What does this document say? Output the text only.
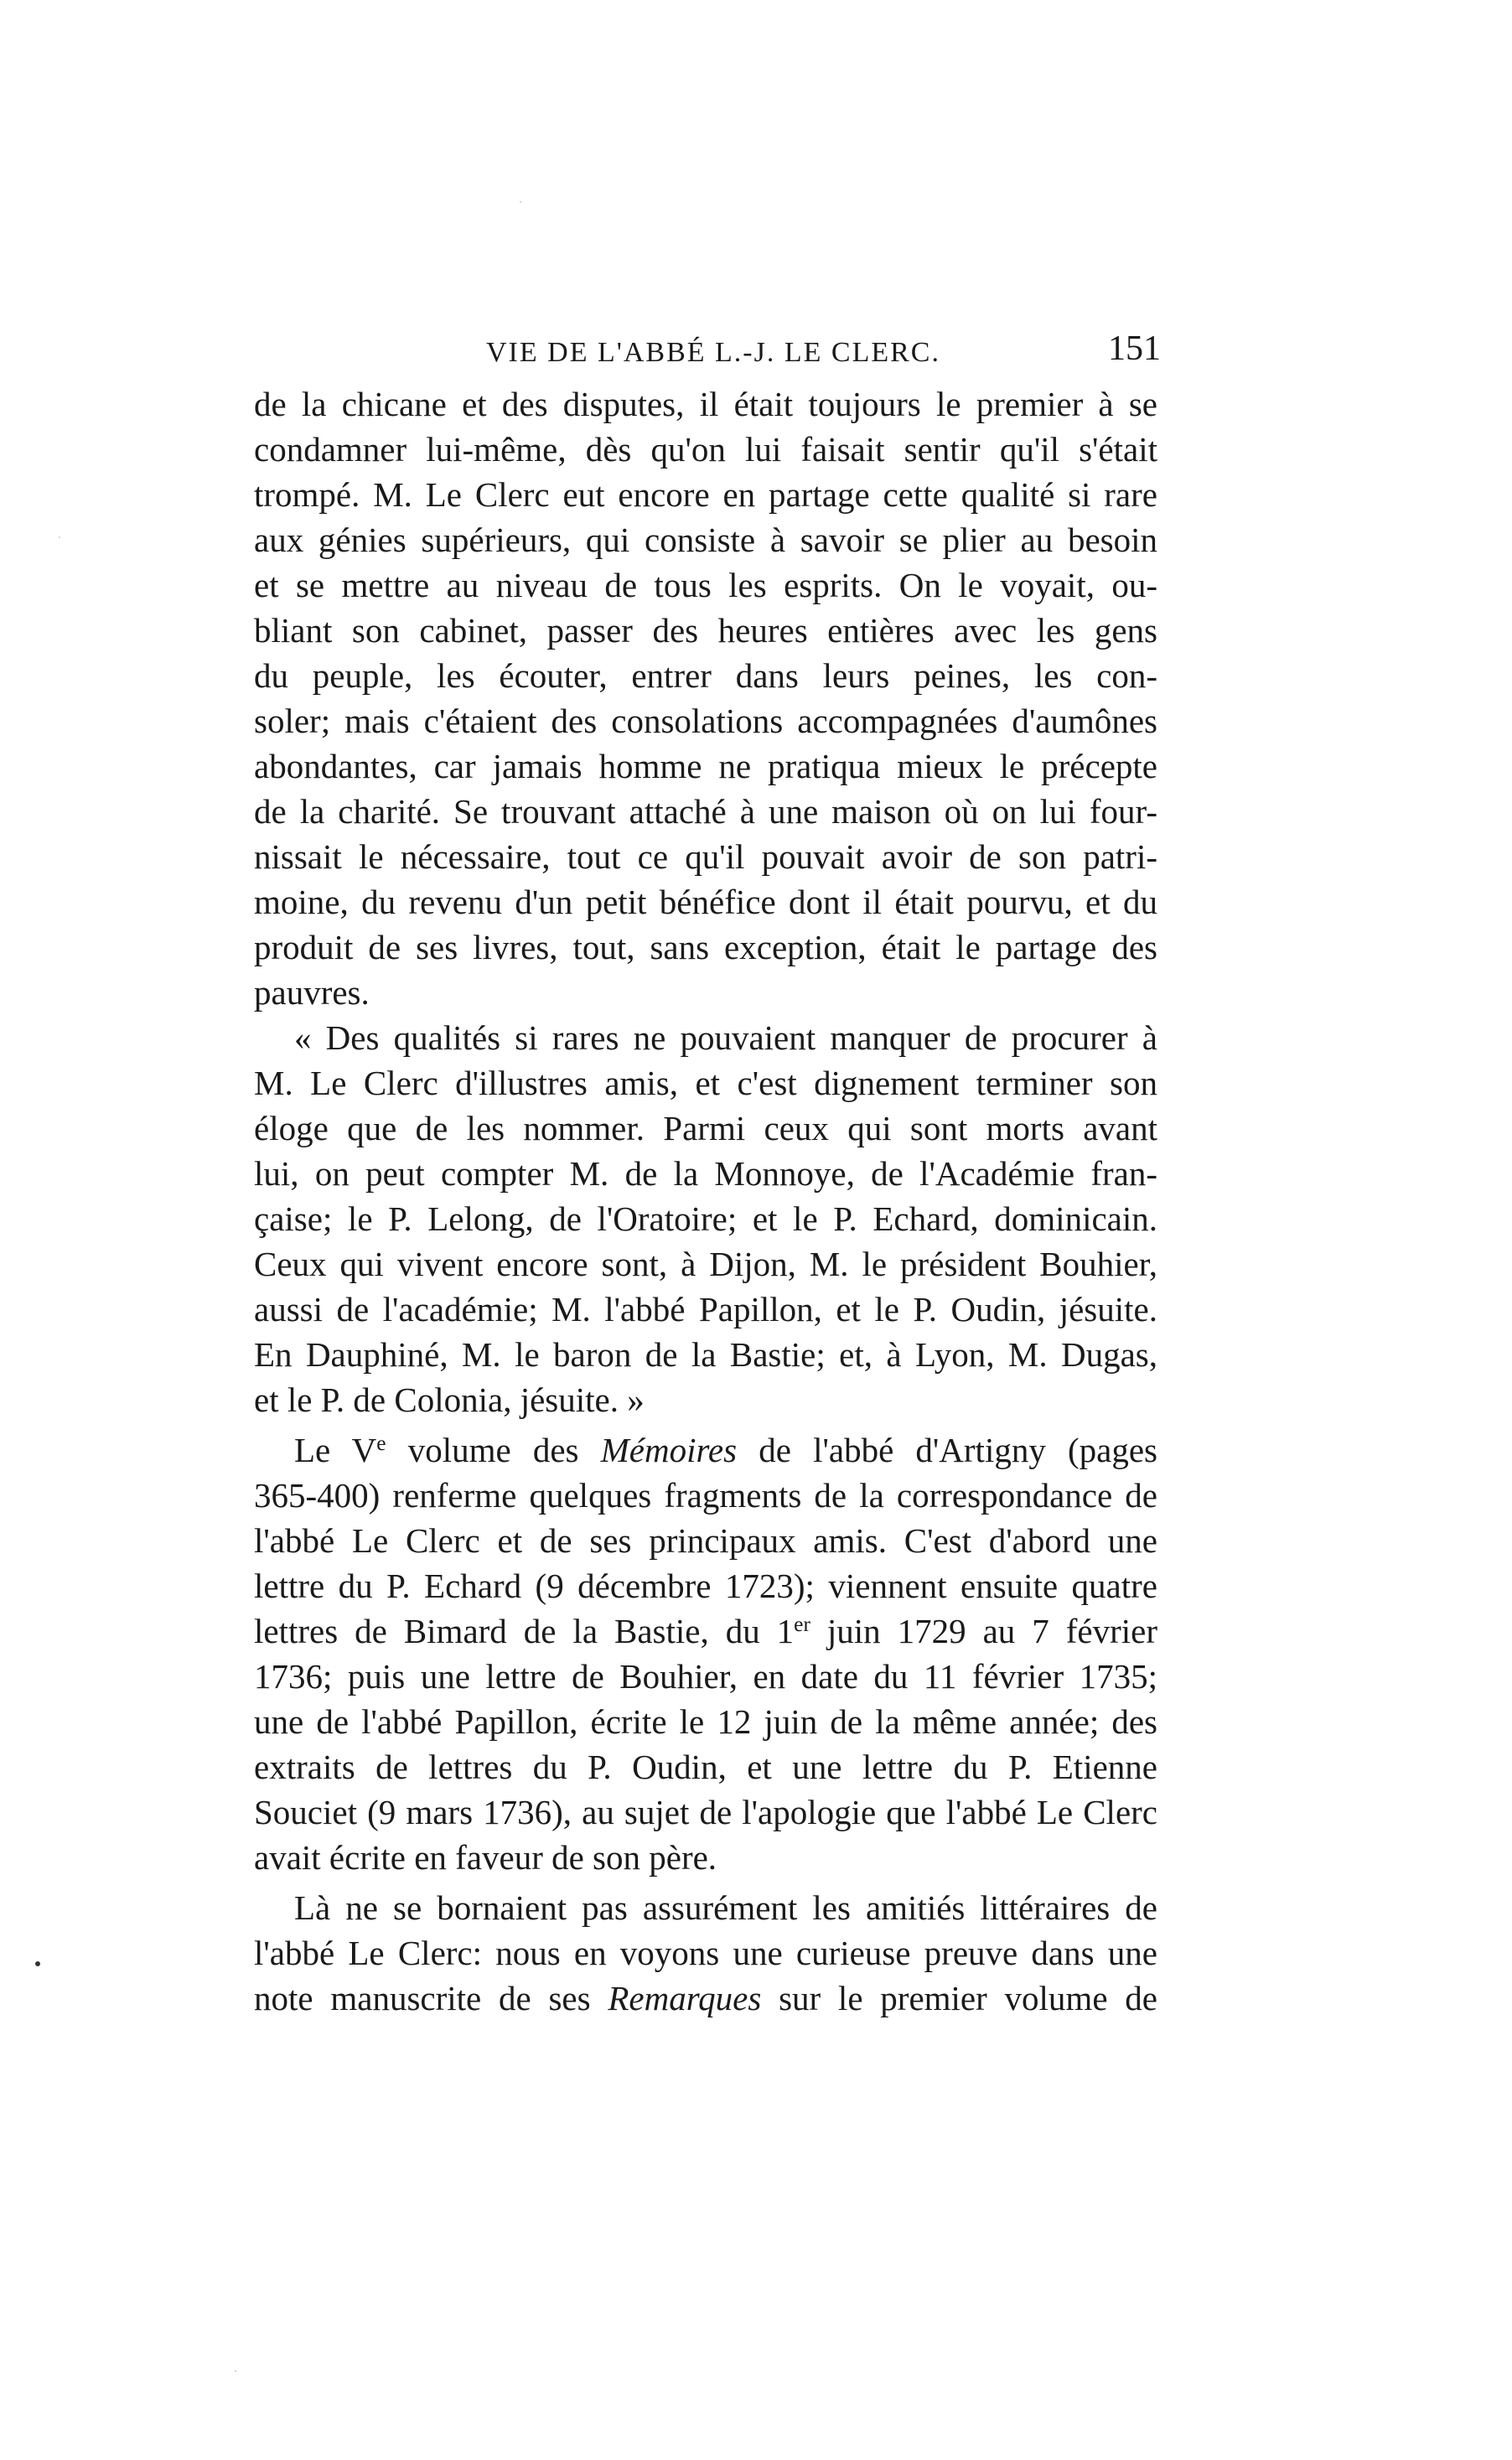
VIE DE L'ABBÉ L.-J. LE CLERC.	151
de la chicane et des disputes, il était toujours le premier à se
condamner lui-même, dès qu'on lui faisait sentir qu'il s'était
trompé. M. Le Clerc eut encore en partage cette qualité si rare
aux génies supérieurs, qui consiste à savoir se plier au besoin
et se mettre au niveau de tous les esprits. On le voyait, ou-
bliant son cabinet, passer des heures entières avec les gens
du peuple, les écouter, entrer dans leurs peines, les con-
soler; mais c'étaient des consolations accompagnées d'aumônes
abondantes, car jamais homme ne pratiqua mieux le précepte
de la charité. Se trouvant attaché à une maison où on lui four-
nissait le nécessaire, tout ce qu'il pouvait avoir de son patri-
moine, du revenu d'un petit bénéfice dont il était pourvu, et du
produit de ses livres, tout, sans exception, était le partage des
pauvres.
« Des qualités si rares ne pouvaient manquer de procurer à
M. Le Clerc d'illustres amis, et c'est dignement terminer son
éloge que de les nommer. Parmi ceux qui sont morts avant
lui, on peut compter M. de la Monnoye, de l'Académie fran-
çaise; le P. Lelong, de l'Oratoire; et le P. Echard, dominicain.
Ceux qui vivent encore sont, à Dijon, M. le président Bouhier,
aussi de l'académie; M. l'abbé Papillon, et le P. Oudin, jésuite.
En Dauphiné, M. le baron de la Bastie; et, à Lyon, M. Dugas,
et le P. de Colonia, jésuite. »
Le Ve volume des Mémoires de l'abbé d'Artigny (pages
365-400) renferme quelques fragments de la correspondance de
l'abbé Le Clerc et de ses principaux amis. C'est d'abord une
lettre du P. Echard (9 décembre 1723); viennent ensuite quatre
lettres de Bimard de la Bastie, du 1er juin 1729 au 7 février
1736; puis une lettre de Bouhier, en date du 11 février 1735;
une de l'abbé Papillon, écrite le 12 juin de la même année; des
extraits de lettres du P. Oudin, et une lettre du P. Etienne
Souciet (9 mars 1736), au sujet de l'apologie que l'abbé Le Clerc
avait écrite en faveur de son père.
Là ne se bornaient pas assurément les amitiés littéraires de
l'abbé Le Clerc: nous en voyons une curieuse preuve dans une
note manuscrite de ses Remarques sur le premier volume de
